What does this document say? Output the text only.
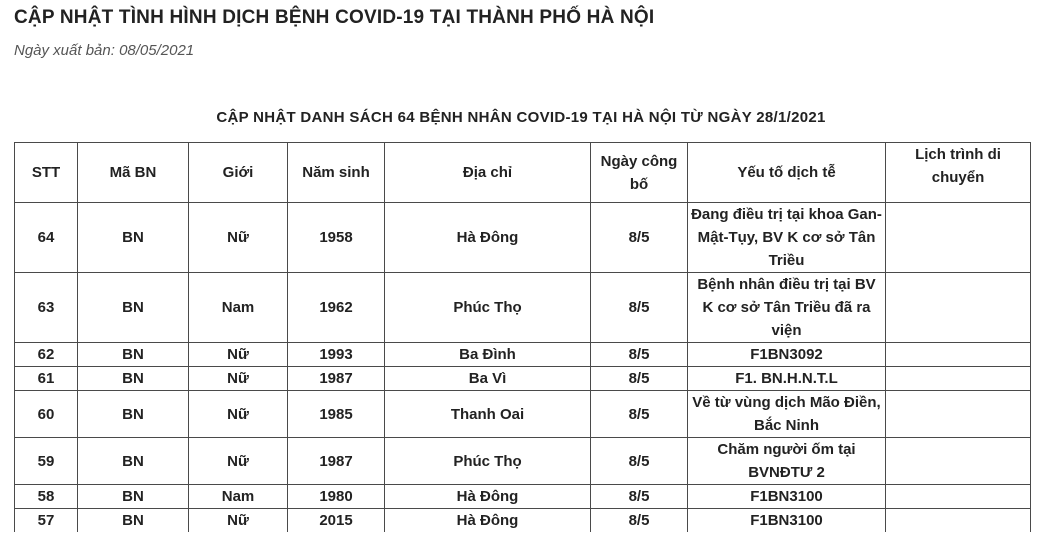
CẬP NHẬT TÌNH HÌNH DỊCH BỆNH COVID-19 TẠI THÀNH PHỐ HÀ NỘI
Ngày xuất bản: 08/05/2021
CẬP NHẬT DANH SÁCH 64 BỆNH NHÂN COVID-19 TẠI HÀ NỘI TỪ NGÀY 28/1/2021
STT	Mã BN	Giới	Năm sinh	Địa chỉ	Ngày công bố	Yếu tố dịch tễ	Lịch trình di chuyển
64	BN	Nữ	1958	Hà Đông	8/5	Đang điều trị tại khoa Gan-Mật-Tụy, BV K cơ sở Tân Triều	
63	BN	Nam	1962	Phúc Thọ	8/5	Bệnh nhân điều trị tại BV K cơ sở Tân Triều đã ra viện	
62	BN	Nữ	1993	Ba Đình	8/5	F1BN3092	
61	BN	Nữ	1987	Ba Vì	8/5	F1. BN.H.N.T.L	
60	BN	Nữ	1985	Thanh Oai	8/5	Về từ vùng dịch Mão Điền, Bắc Ninh	
59	BN	Nữ	1987	Phúc Thọ	8/5	Chăm người ốm tại BVNĐTƯ 2	
58	BN	Nam	1980	Hà Đông	8/5	F1BN3100	
57	BN	Nữ	2015	Hà Đông	8/5	F1BN3100	
